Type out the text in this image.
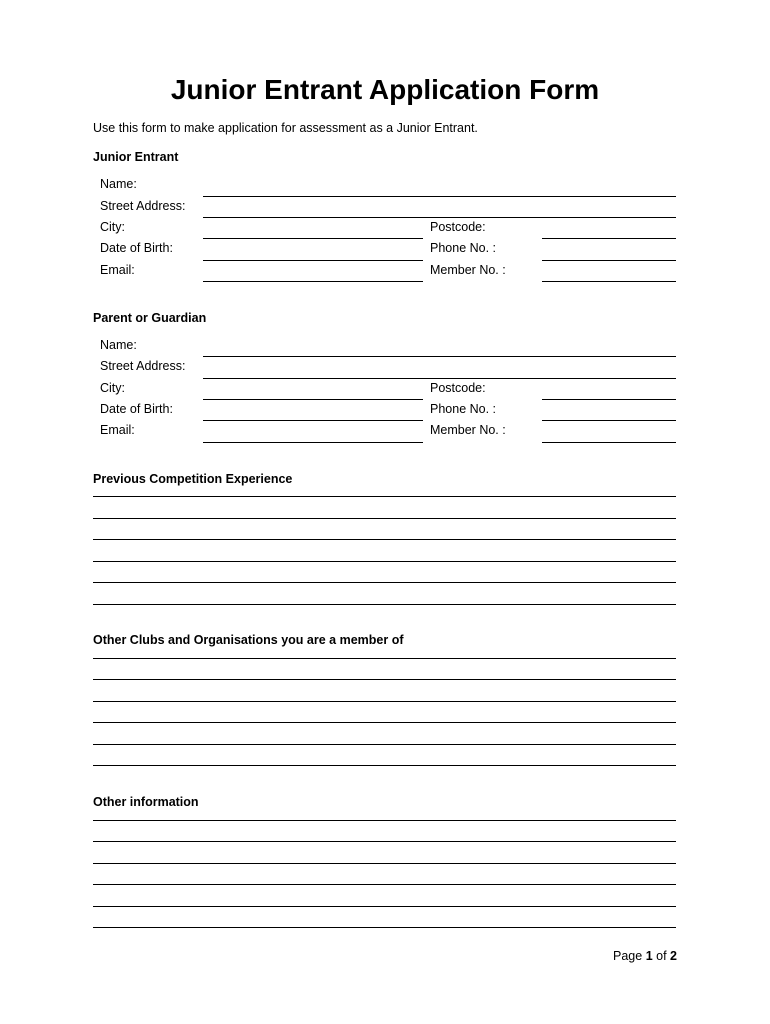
Junior Entrant Application Form
Use this form to make application for assessment as a Junior Entrant.
Junior Entrant
Name:
Street Address:
City:	Postcode:
Date of Birth:	Phone No. :
Email:	Member No. :
Parent or Guardian
Name:
Street Address:
City:	Postcode:
Date of Birth:	Phone No. :
Email:	Member No. :
Previous Competition Experience
Other Clubs and Organisations you are a member of
Other information
Page 1 of 2
